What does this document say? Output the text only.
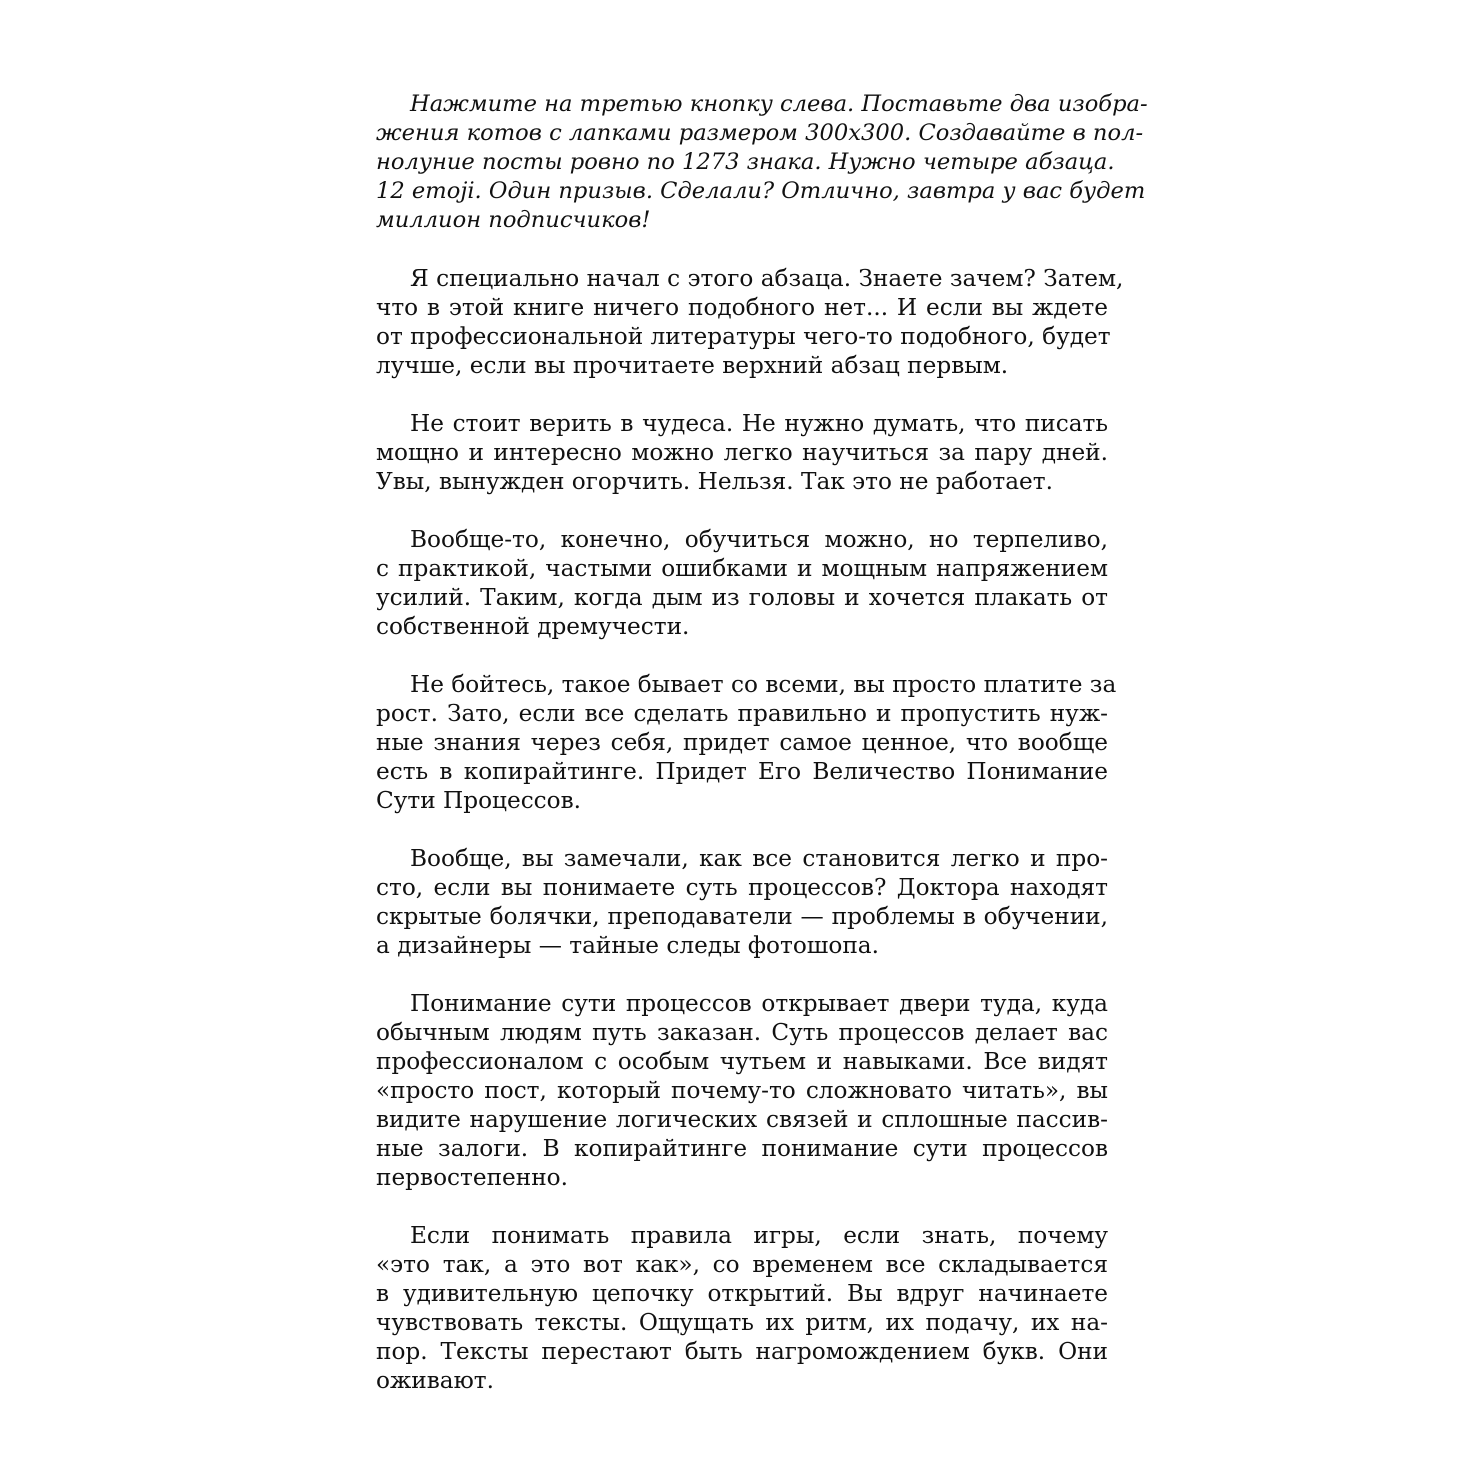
Нажмите на третью кнопку слева. Поставьте два изобра-
жения котов с лапками размером 300х300. Создавайте в пол-
нолуние посты ровно по 1273 знака. Нужно четыре абзаца.
12 emoji. Один призыв. Сделали? Отлично, завтра у вас будет
миллион подписчиков!
Я специально начал с этого абзаца. Знаете зачем? Затем,
что в этой книге ничего подобного нет... И если вы ждете
от профессиональной литературы чего-то подобного, будет
лучше, если вы прочитаете верхний абзац первым.
Не стоит верить в чудеса. Не нужно думать, что писать
мощно и интересно можно легко научиться за пару дней.
Увы, вынужден огорчить. Нельзя. Так это не работает.
Вообще-то, конечно, обучиться можно, но терпеливо,
с практикой, частыми ошибками и мощным напряжением
усилий. Таким, когда дым из головы и хочется плакать от
собственной дремучести.
Не бойтесь, такое бывает со всеми, вы просто платите за
рост. Зато, если все сделать правильно и пропустить нуж-
ные знания через себя, придет самое ценное, что вообще
есть в копирайтинге. Придет Его Величество Понимание
Сути Процессов.
Вообще, вы замечали, как все становится легко и про-
сто, если вы понимаете суть процессов? Доктора находят
скрытые болячки, преподаватели — проблемы в обучении,
а дизайнеры — тайные следы фотошопа.
Понимание сути процессов открывает двери туда, куда
обычным людям путь заказан. Суть процессов делает вас
профессионалом с особым чутьем и навыками. Все видят
«просто пост, который почему-то сложновато читать», вы
видите нарушение логических связей и сплошные пассив-
ные залоги. В копирайтинге понимание сути процессов
первостепенно.
Если понимать правила игры, если знать, почему
«это так, а это вот как», со временем все складывается
в удивительную цепочку открытий. Вы вдруг начинаете
чувствовать тексты. Ощущать их ритм, их подачу, их на-
пор. Тексты перестают быть нагромождением букв. Они
оживают.
